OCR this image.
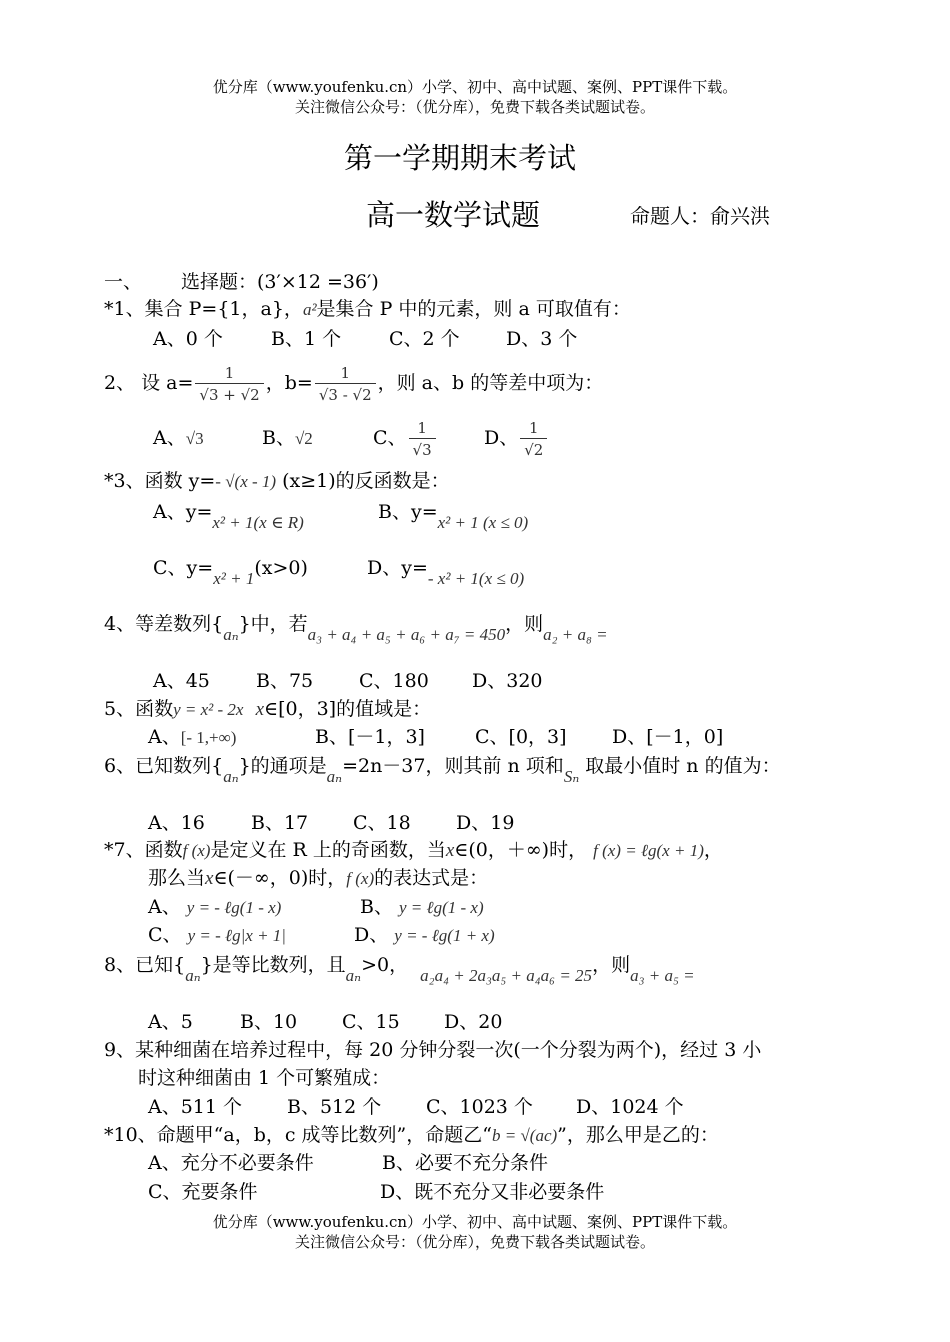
优分库（www.youfenku.cn）小学、初中、高中试题、案例、PPT课件下载。
关注微信公众号：（优分库），免费下载各类试题试卷。
第一学期期末考试
高一数学试题	命题人：俞兴洪
一、 选择题：(3′×12 =36′)
*1、集合 P={1，a}，a²是集合 P 中的元素，则 a 可取值有：
A、0 个	B、1 个	C、2 个 D、3 个
2、 设 $a= \frac{1}{√3 + √2}$ ，$b= \frac{1}{√3 - √2}$ ，则 a、b 的等差中项为：
A、√3	B、√2	C、 $\frac{1}{√3}$	D、 $\frac{1}{√2}$
*3、函数 y=- √(x - 1) (x≥1)的反函数是：
A、y=x² + 1(x ∈ R)	B、y=x² + 1 (x ≤ 0)
C、y=x² + 1(x>0)	D、y=- x² + 1(x ≤ 0)
4、等差数列{aₙ}中，若a₃ + a₄ + a₅ + a₆ + a₇ = 450，则a₂ + a₈ =
A、45 B、75 C、180 D、320
5、函数y = x² - 2x x∈[0，3]的值域是：
A、[- 1,+∞)	B、[－1，3]	C、[0，3] D、[－1，0]
6、已知数列{aₙ}的通项是aₙ=2n－37，则其前 n 项和Sₙ 取最小值时 n 的值为：
A、16 B、17 C、18 D、19
*7、函数f (x)是定义在 R 上的奇函数，当x∈(0，＋∞)时， f (x) = ℓg(x + 1)，
那么当x∈(－∞，0)时，f (x)的表达式是：
A、 y = - ℓg(1 - x)	B、 y = ℓg(1 - x)
C、 y = - ℓg|x + 1|	D、 y = - ℓg(1 + x)
8、已知{aₙ}是等比数列，且aₙ>0， a₂a₄ + 2a₃a₅ + a₄a₆ = 25，则a₃ + a₅ =
A、5 B、10 C、15 D、20
9、某种细菌在培养过程中，每 20 分钟分裂一次(一个分裂为两个)，经过 3 小
时这种细菌由 1 个可繁殖成：
A、511 个 B、512 个 C、1023 个 D、1024 个
*10、命题甲“a，b，c 成等比数列”，命题乙“b = √(ac)”，那么甲是乙的：
A、充分不必要条件	B、必要不充分条件
C、充要条件	D、既不充分又非必要条件
优分库（www.youfenku.cn）小学、初中、高中试题、案例、PPT课件下载。
关注微信公众号：（优分库），免费下载各类试题试卷。
